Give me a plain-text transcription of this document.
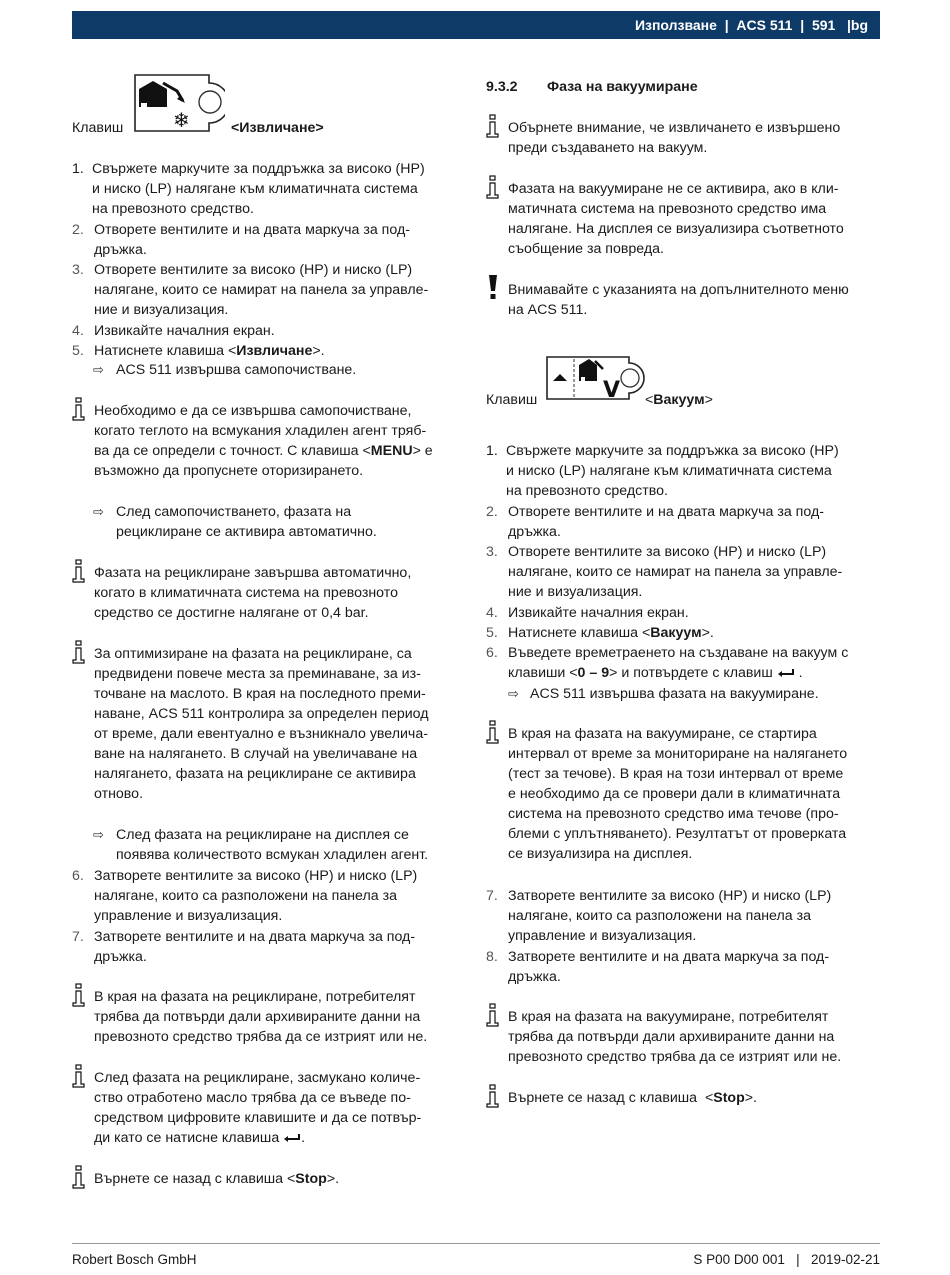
Използване
|
ACS 511
|
591
| bg
❄
Клавиш	<Извличане>
1. Свържете маркучите за поддръжка за високо (HP)
и ниско (LP) налягане към климатичната система
на превозното средство.
2. Отворете вентилите и на двата маркуча за под-
дръжка.
3. Отворете вентилите за високо (HP) и ниско (LP)
налягане, които се намират на панела за управле-
ние и визуализация.
4. Извикайте началния екран.
5. Натиснете клавиша <Извличане>.
⇨ ACS 511 извършва самопочистване.
Необходимо е да се извършва самопочистване,
когато теглото на всмукания хладилен агент тряб-
ва да се определи с точност. С клавиша <MENU> е
възможно да пропуснете оторизирането.
⇨ След самопочистването, фазата на
рециклиране се активира автоматично.
Фазата на рециклиране завършва автоматично,
когато в климатичната система на превозното
средство се достигне налягане от 0,4 bar.
За оптимизиране на фазата на рециклиране, са
предвидени повече места за преминаване, за из-
точване на маслото. В края на последното преми-
наване, ACS 511 контролира за определен период
от време, дали евентуално е възникнало увелича-
ване на налягането. В случай на увеличаване на
налягането, фазата на рециклиране се активира
отново.
⇨ След фазата на рециклиране на дисплея се
появява количеството всмукан хладилен агент.
6. Затворете вентилите за високо (HP) и ниско (LP)
налягане, които са разположени на панела за
управление и визуализация.
7. Затворете вентилите и на двата маркуча за под-
дръжка.
В края на фазата на рециклиране, потребителят
трябва да потвърди дали архивираните данни на
превозното средство трябва да се изтрият или не.
След фазата на рециклиране, засмукано количе-
ство отработено масло трябва да се въведе по-
средством цифровите клавишите и да се потвър-
ди като се натисне клавиша .
Върнете се назад с клавиша <Stop>.
9.3.2 Фаза на вакуумиране
Обърнете внимание, че извличането е извършено
преди създаването на вакуум.
Фазата на вакуумиране не се активира, ако в кли-
матичната система на превозното средство има
налягане. На дисплея се визуализира съответното
съобщение за повреда.
Внимавайте с указанията на допълнителното меню
на ACS 511.
V
Клавиш	<Вакуум>
1. Свържете маркучите за поддръжка за високо (HP)
и ниско (LP) налягане към климатичната система
на превозното средство.
2. Отворете вентилите и на двата маркуча за под-
дръжка.
3. Отворете вентилите за високо (HP) и ниско (LP)
налягане, които се намират на панела за управле-
ние и визуализация.
4. Извикайте началния екран.
5. Натиснете клавиша <Вакуум>.
6. Въведете времетраенето на създаване на вакуум с
клавиши <0 – 9> и потвърдете с клавиш  .
⇨ ACS 511 извършва фазата на вакуумиране.
В края на фазата на вакуумиране, се стартира
интервал от време за мониториране на налягането
(тест за течове). В края на този интервал от време
е необходимо да се провери дали в климатичната
система на превозното средство има течове (про-
блеми с уплътняването). Резултатът от проверката
се визуализира на дисплея.
7. Затворете вентилите за високо (HP) и ниско (LP)
налягане, които са разположени на панела за
управление и визуализация.
8. Затворете вентилите и на двата маркуча за под-
дръжка.
В края на фазата на вакуумиране, потребителят
трябва да потвърди дали архивираните данни на
превозното средство трябва да се изтрият или не.
Върнете се назад с клавиша  <Stop>.
Robert Bosch GmbH	S P00 D00 001 | 2019-02-21
